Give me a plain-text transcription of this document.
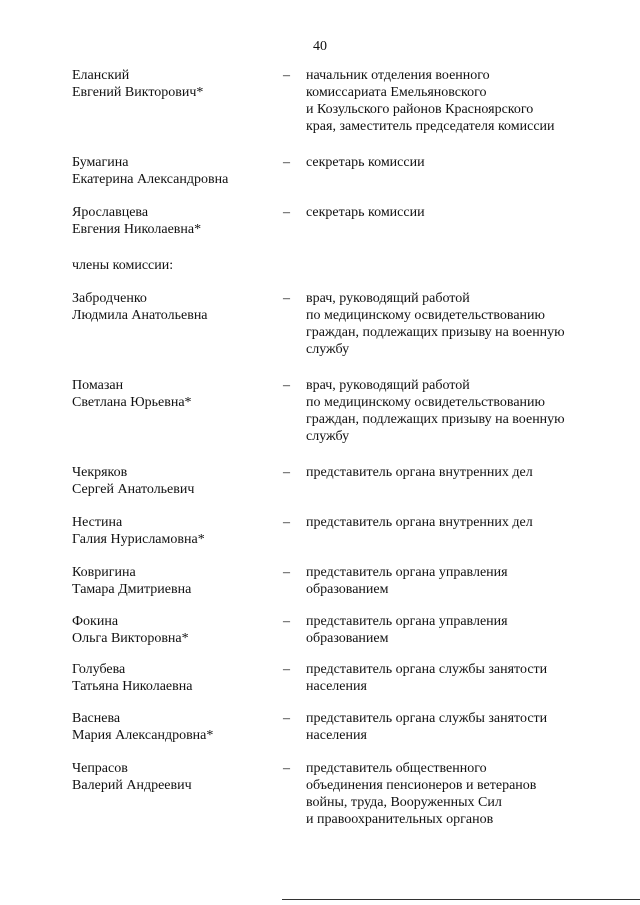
40
Еланский
Евгений Викторович*
– начальник отделения военного
комиссариата Емельяновского
и Козульского районов Красноярского
края, заместитель председателя комиссии
Бумагина
Екатерина Александровна
– секретарь комиссии
Ярославцева
Евгения Николаевна*
– секретарь комиссии
члены комиссии:
Забродченко
Людмила Анатольевна
– врач, руководящий работой
по медицинскому освидетельствованию
граждан, подлежащих призыву на военную
службу
Помазан
Светлана Юрьевна*
– врач, руководящий работой
по медицинскому освидетельствованию
граждан, подлежащих призыву на военную
службу
Чекряков
Сергей Анатольевич
– представитель органа внутренних дел
Нестина
Галия Нурисламовна*
– представитель органа внутренних дел
Ковригина
Тамара Дмитриевна
– представитель органа управления
образованием
Фокина
Ольга Викторовна*
– представитель органа управления
образованием
Голубева
Татьяна Николаевна
– представитель органа службы занятости
населения
Васнева
Мария Александровна*
– представитель органа службы занятости
населения
Чепрасов
Валерий Андреевич
– представитель общественного
объединения пенсионеров и ветеранов
войны, труда, Вооруженных Сил
и правоохранительных органов
